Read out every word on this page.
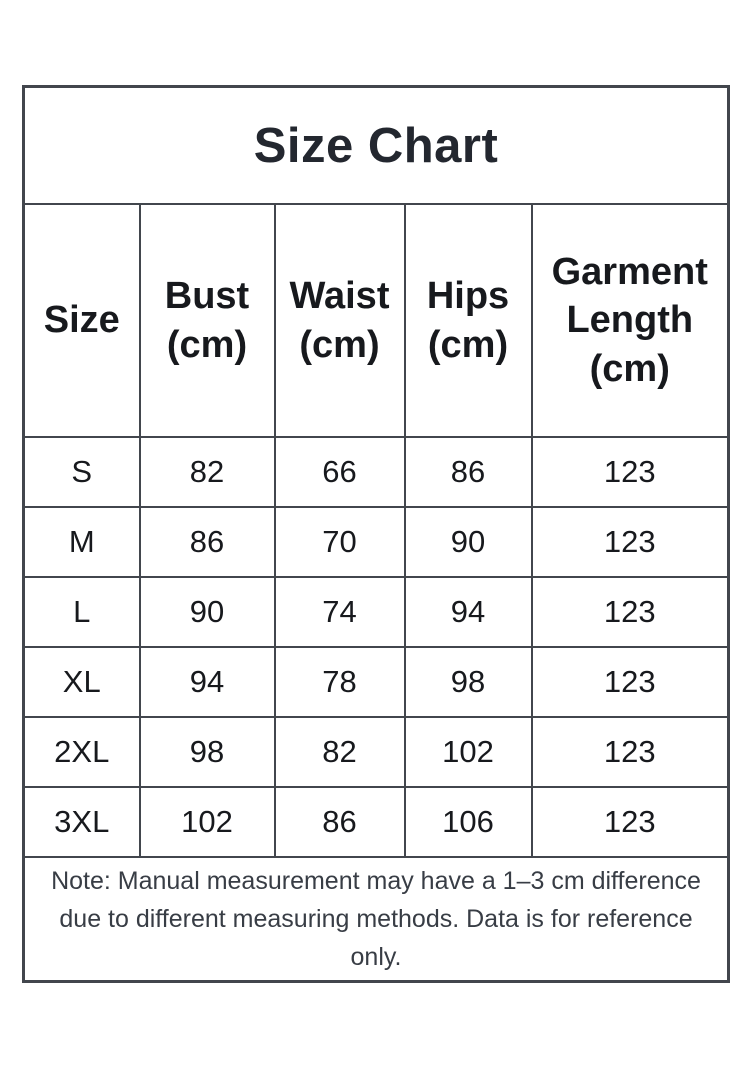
Size Chart				
Size	Bust (cm)	Waist (cm)	Hips (cm)	Garment Length (cm)
S	82	66	86	123
M	86	70	90	123
L	90	74	94	123
XL	94	78	98	123
2XL	98	82	102	123
3XL	102	86	106	123
Note: Manual measurement may have a 1–3 cm difference due to different measuring methods. Data is for reference only.				
